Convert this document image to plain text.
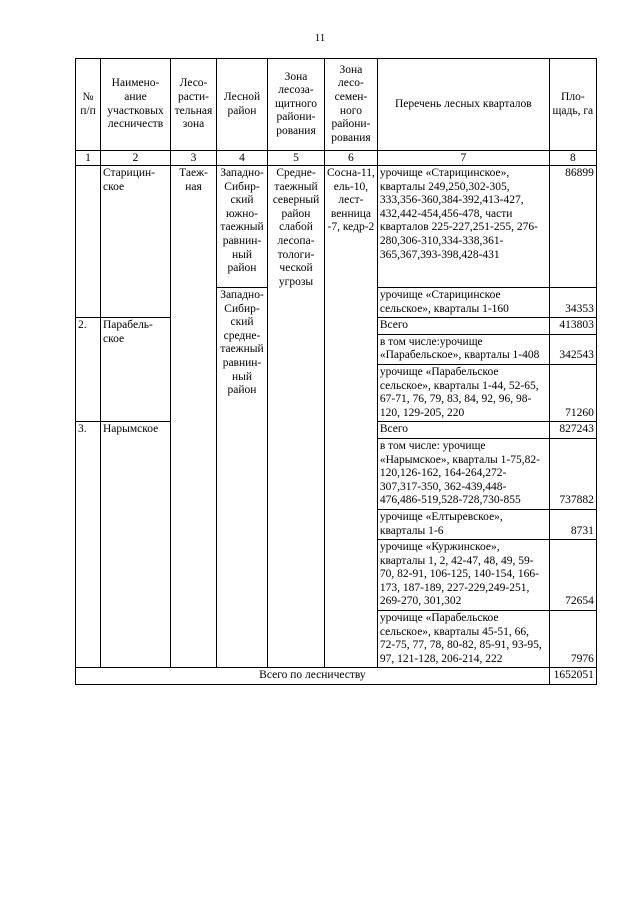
11
№ п/п	Наимено-ание участковых лесничеств	Лесо-расти-тельная зона	Лесной район	Зона лесоза-щитного райони-рования	Зона лесо-семен-ного райони-рования	Перечень лесных кварталов	Пло-щадь, га
1	2	3	4	5	6	7	8
	Старицин-ское	Таеж-ная	Западно-Сибир-ский южно-таежный равнин-ный район	Средне-таежный северный район слабой лесопа-тологи-ческой угрозы	Сосна-11, ель-10, лест-венница -7, кедр-2	урочище «Старицинское», кварталы 249,250,302-305, 333,356-360,384-392,413-427, 432,442-454,456-478, части кварталов 225-227,251-255, 276-280,306-310,334-338,361-365,367,393-398,428-431	86899
			Западно-Сибир-ский средне-таежный равнин-ный район			урочище «Старицинское сельское», кварталы 1-160	34353
2.	Парабель-ское					Всего	413803
						в том числе:урочище «Парабельское», кварталы 1-408	342543
						урочище «Парабельское сельское», кварталы 1-44, 52-65, 67-71, 76, 79, 83, 84, 92, 96, 98-120, 129-205, 220	71260
3.	Нарымское					Всего	827243
						в том числе: урочище «Нарымское», кварталы 1-75,82-120,126-162, 164-264,272-307,317-350, 362-439,448-476,486-519,528-728,730-855	737882
						урочище «Елтыревское», кварталы 1-6	8731
						урочище «Куржинское», кварталы 1, 2, 42-47, 48, 49, 59-70, 82-91, 106-125, 140-154, 166-173, 187-189, 227-229,249-251, 269-270, 301,302	72654
						урочище «Парабельское сельское», кварталы 45-51, 66, 72-75, 77, 78, 80-82, 85-91, 93-95, 97, 121-128, 206-214, 222	7976
Всего по лесничеству							1652051
